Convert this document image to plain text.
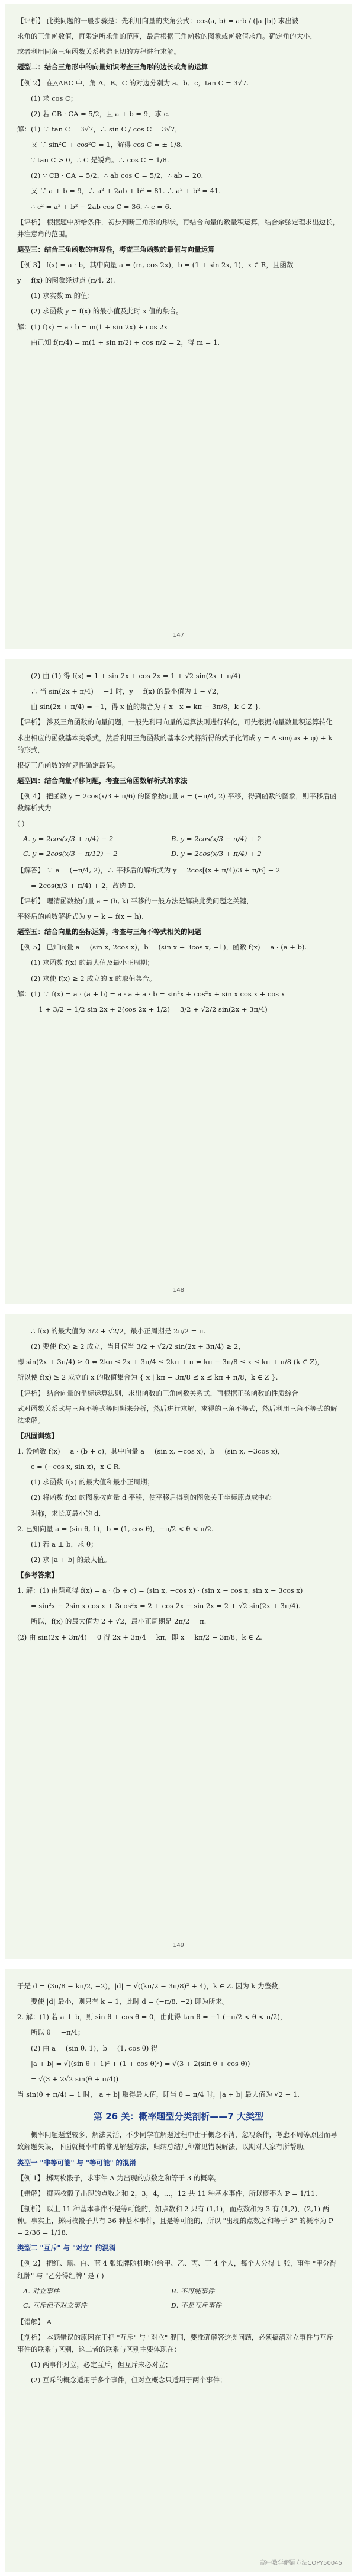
【评析】 此类问题的一般步骤是：先利用向量的夹角公式：cos⟨a, b⟩ = a·b / (|a||b|) 求出被

求角的三角函数值，再限定所求角的范围，最后根据三角函数的图象或函数值求角。确定角的大小，

或者利用同角三角函数关系构造正切的方程进行求解。

题型二：结合三角形中的向量知识考查三角形的边长或角的运算

【例 2】 在△ABC 中，角 A、B、C 的对边分别为 a、b、c，tan C = 3√7.

(1) 求 cos C；

(2) 若 CB · CA = 5/2，且 a + b = 9，求 c.

解：(1) ∵ tan C = 3√7，∴ sin C / cos C = 3√7，

又 ∵ sin²C + cos²C = 1，解得 cos C = ± 1/8.

∵ tan C > 0，∴ C 是锐角。∴ cos C = 1/8.

(2) ∵ CB · CA = 5/2，∴ ab cos C = 5/2，∴ ab = 20.

又 ∵ a + b = 9，∴ a² + 2ab + b² = 81. ∴ a² + b² = 41.

∴ c² = a² + b² − 2ab cos C = 36. ∴ c = 6.

【评析】 根据题中所给条件，初步判断三角形的形状，再结合向量的数量积运算，结合余弦定理求出边长，并注意角的范围。

题型三：结合三角函数的有界性，考查三角函数的最值与向量运算

【例 3】 f(x) = a · b，其中向量 a = (m, cos 2x)，b = (1 + sin 2x, 1)，x ∈ R，且函数

y = f(x) 的图象经过点 (π/4, 2).

(1) 求实数 m 的值；

(2) 求函数 y = f(x) 的最小值及此时 x 值的集合。

解：(1) f(x) = a · b = m(1 + sin 2x) + cos 2x

由已知 f(π/4) = m(1 + sin π/2) + cos π/2 = 2，得 m = 1.

147

(2) 由 (1) 得 f(x) = 1 + sin 2x + cos 2x = 1 + √2 sin(2x + π/4)

∴ 当 sin(2x + π/4) = −1 时，y = f(x) 的最小值为 1 − √2，

由 sin(2x + π/4) = −1，得 x 值的集合为 { x | x = kπ − 3π/8，k ∈ Z }.

【评析】 涉及三角函数的向量问题，一般先利用向量的运算法则进行转化，可先根据向量数量积运算转化

求出相应的函数基本关系式，然后利用三角函数的基本公式将所得的式子化简成 y = A sin(ωx + φ) + k 的形式，

根据三角函数的有界性确定最值。

题型四：结合向量平移问题，考查三角函数解析式的求法

【例 4】 把函数 y = 2cos(x/3 + π/6) 的图象按向量 a = (−π/4, 2) 平移，得到函数的图象，则平移后函数解析式为

( )

A. y = 2cos(x/3 + π/4) − 2	B. y = 2cos(x/3 − π/4) + 2
C. y = 2cos(x/3 − π/12) − 2	D. y = 2cos(x/3 + π/4) + 2

【解答】 ∵ a = (−π/4, 2)，∴ 平移后的解析式为 y = 2cos[(x + π/4)/3 + π/6] + 2

= 2cos(x/3 + π/4) + 2，故选 D.

【评析】 理清函数按向量 a = (h, k) 平移的一般方法是解决此类问题之关键，

平移后的函数解析式为 y − k = f(x − h).

题型五：结合向量的坐标运算，考查与三角不等式相关的问题

【例 5】 已知向量 a = (sin x, 2cos x)，b = (sin x + 3cos x, −1)，函数 f(x) = a · (a + b).

(1) 求函数 f(x) 的最大值及最小正周期；

(2) 求使 f(x) ≥ 2 成立的 x 的取值集合。

解：(1) ∵ f(x) = a · (a + b) = a · a + a · b = sin²x + cos²x + sin x cos x + cos x

= 1 + 3/2 + 1/2 sin 2x + 2(cos 2x + 1/2) = 3/2 + √2/2 sin(2x + 3π/4)

148

∴ f(x) 的最大值为 3/2 + √2/2，最小正周期是 2π/2 = π.

(2) 要使 f(x) ≥ 2 成立，当且仅当 3/2 + √2/2 sin(2x + 3π/4) ≥ 2，

即 sin(2x + 3π/4) ≥ 0 ⇔ 2kπ ≤ 2x + 3π/4 ≤ 2kπ + π ⇔ kπ − 3π/8 ≤ x ≤ kπ + π/8 (k ∈ Z)，

所以使 f(x) ≥ 2 成立的 x 的取值集合为 { x | kπ − 3π/8 ≤ x ≤ kπ + π/8，k ∈ Z }.

【评析】 结合向量的坐标运算法则，求出函数的三角函数关系式，再根据正弦函数的性质综合

式对函数关系式与三角不等式等问题来分析，然后进行求解，求得的三角不等式，然后利用三角不等式的解法求解。

【巩固训练】

1. 设函数 f(x) = a · (b + c)，其中向量 a = (sin x, −cos x)，b = (sin x, −3cos x)，

c = (−cos x, sin x)，x ∈ R.

(1) 求函数 f(x) 的最大值和最小正周期；

(2) 将函数 f(x) 的图象按向量 d 平移，使平移后得到的图象关于坐标原点成中心

对称，求长度最小的 d.

2. 已知向量 a = (sin θ, 1)，b = (1, cos θ)，−π/2 < θ < π/2.

(1) 若 a ⊥ b，求 θ；

(2) 求 |a + b| 的最大值。

【参考答案】

1. 解：(1) 由题意得 f(x) = a · (b + c) = (sin x, −cos x) · (sin x − cos x, sin x − 3cos x)

= sin²x − 2sin x cos x + 3cos²x = 2 + cos 2x − sin 2x = 2 + √2 sin(2x + 3π/4).

所以，f(x) 的最大值为 2 + √2，最小正周期是 2π/2 = π.

(2) 由 sin(2x + 3π/4) = 0 得 2x + 3π/4 = kπ，即 x = kπ/2 − 3π/8，k ∈ Z.

149

于是 d = (3π/8 − kπ/2, −2)，|d| = √((kπ/2 − 3π/8)² + 4)，k ∈ Z. 因为 k 为整数，

要使 |d| 最小，则只有 k = 1，此时 d = (−π/8, −2) 即为所求。

2. 解：(1) 若 a ⊥ b，则 sin θ + cos θ = 0，由此得 tan θ = −1 (−π/2 < θ < π/2)，

所以 θ = −π/4；

(2) 由 a = (sin θ, 1)，b = (1, cos θ) 得

|a + b| = √((sin θ + 1)² + (1 + cos θ)²) = √(3 + 2(sin θ + cos θ))

= √(3 + 2√2 sin(θ + π/4))

当 sin(θ + π/4) = 1 时，|a + b| 取得最大值，即当 θ = π/4 时，|a + b| 最大值为 √2 + 1.

第 26 关：概率题型分类剖析——7 大类型

概率问题题型较多，解法灵活，不少同学在解题过程中由于概念不清，忽视条件，考虑不周等原因而导致解题失误，下面就概率中的常见解题方法，归纳总结几种常见错误解法，以期对大家有所帮助。

类型一 "非等可能" 与 "等可能" 的混淆

【例 1】 掷两枚骰子，求事件 A 为出现的点数之和等于 3 的概率。

【错解】 掷两枚骰子出现的点数之和 2，3，4，…，12 共 11 种基本事件，所以概率为 P = 1/11.

【剖析】 以上 11 种基本事件不是等可能的，如点数和 2 只有 (1,1)，而点数和为 3 有 (1,2)，(2,1) 两种。事实上，掷两枚骰子共有 36 种基本事件，且是等可能的，所以 "出现的点数之和等于 3" 的概率为 P = 2/36 = 1/18.

类型二 "互斥" 与 "对立" 的混淆

【例 2】 把红、黑、白、蓝 4 张纸牌随机地分给甲、乙、丙、丁 4 个人，每个人分得 1 张，事件 "甲分得红牌" 与 "乙分得红牌" 是 ( )

A. 对立事件	B. 不可能事件
C. 互斥但不对立事件	D. 不是互斥事件

【错解】 A

【剖析】 本题错误的原因在于把 "互斥" 与 "对立" 混同，要准确解答这类问题，必须搞清对立事件与互斥事件的联系与区别，这二者的联系与区别主要体现在：

(1) 两事件对立，必定互斥，但互斥未必对立；

(2) 互斥的概念适用于多个事件，但对立概念只适用于两个事件；

高中数学解题方法COPY50045
